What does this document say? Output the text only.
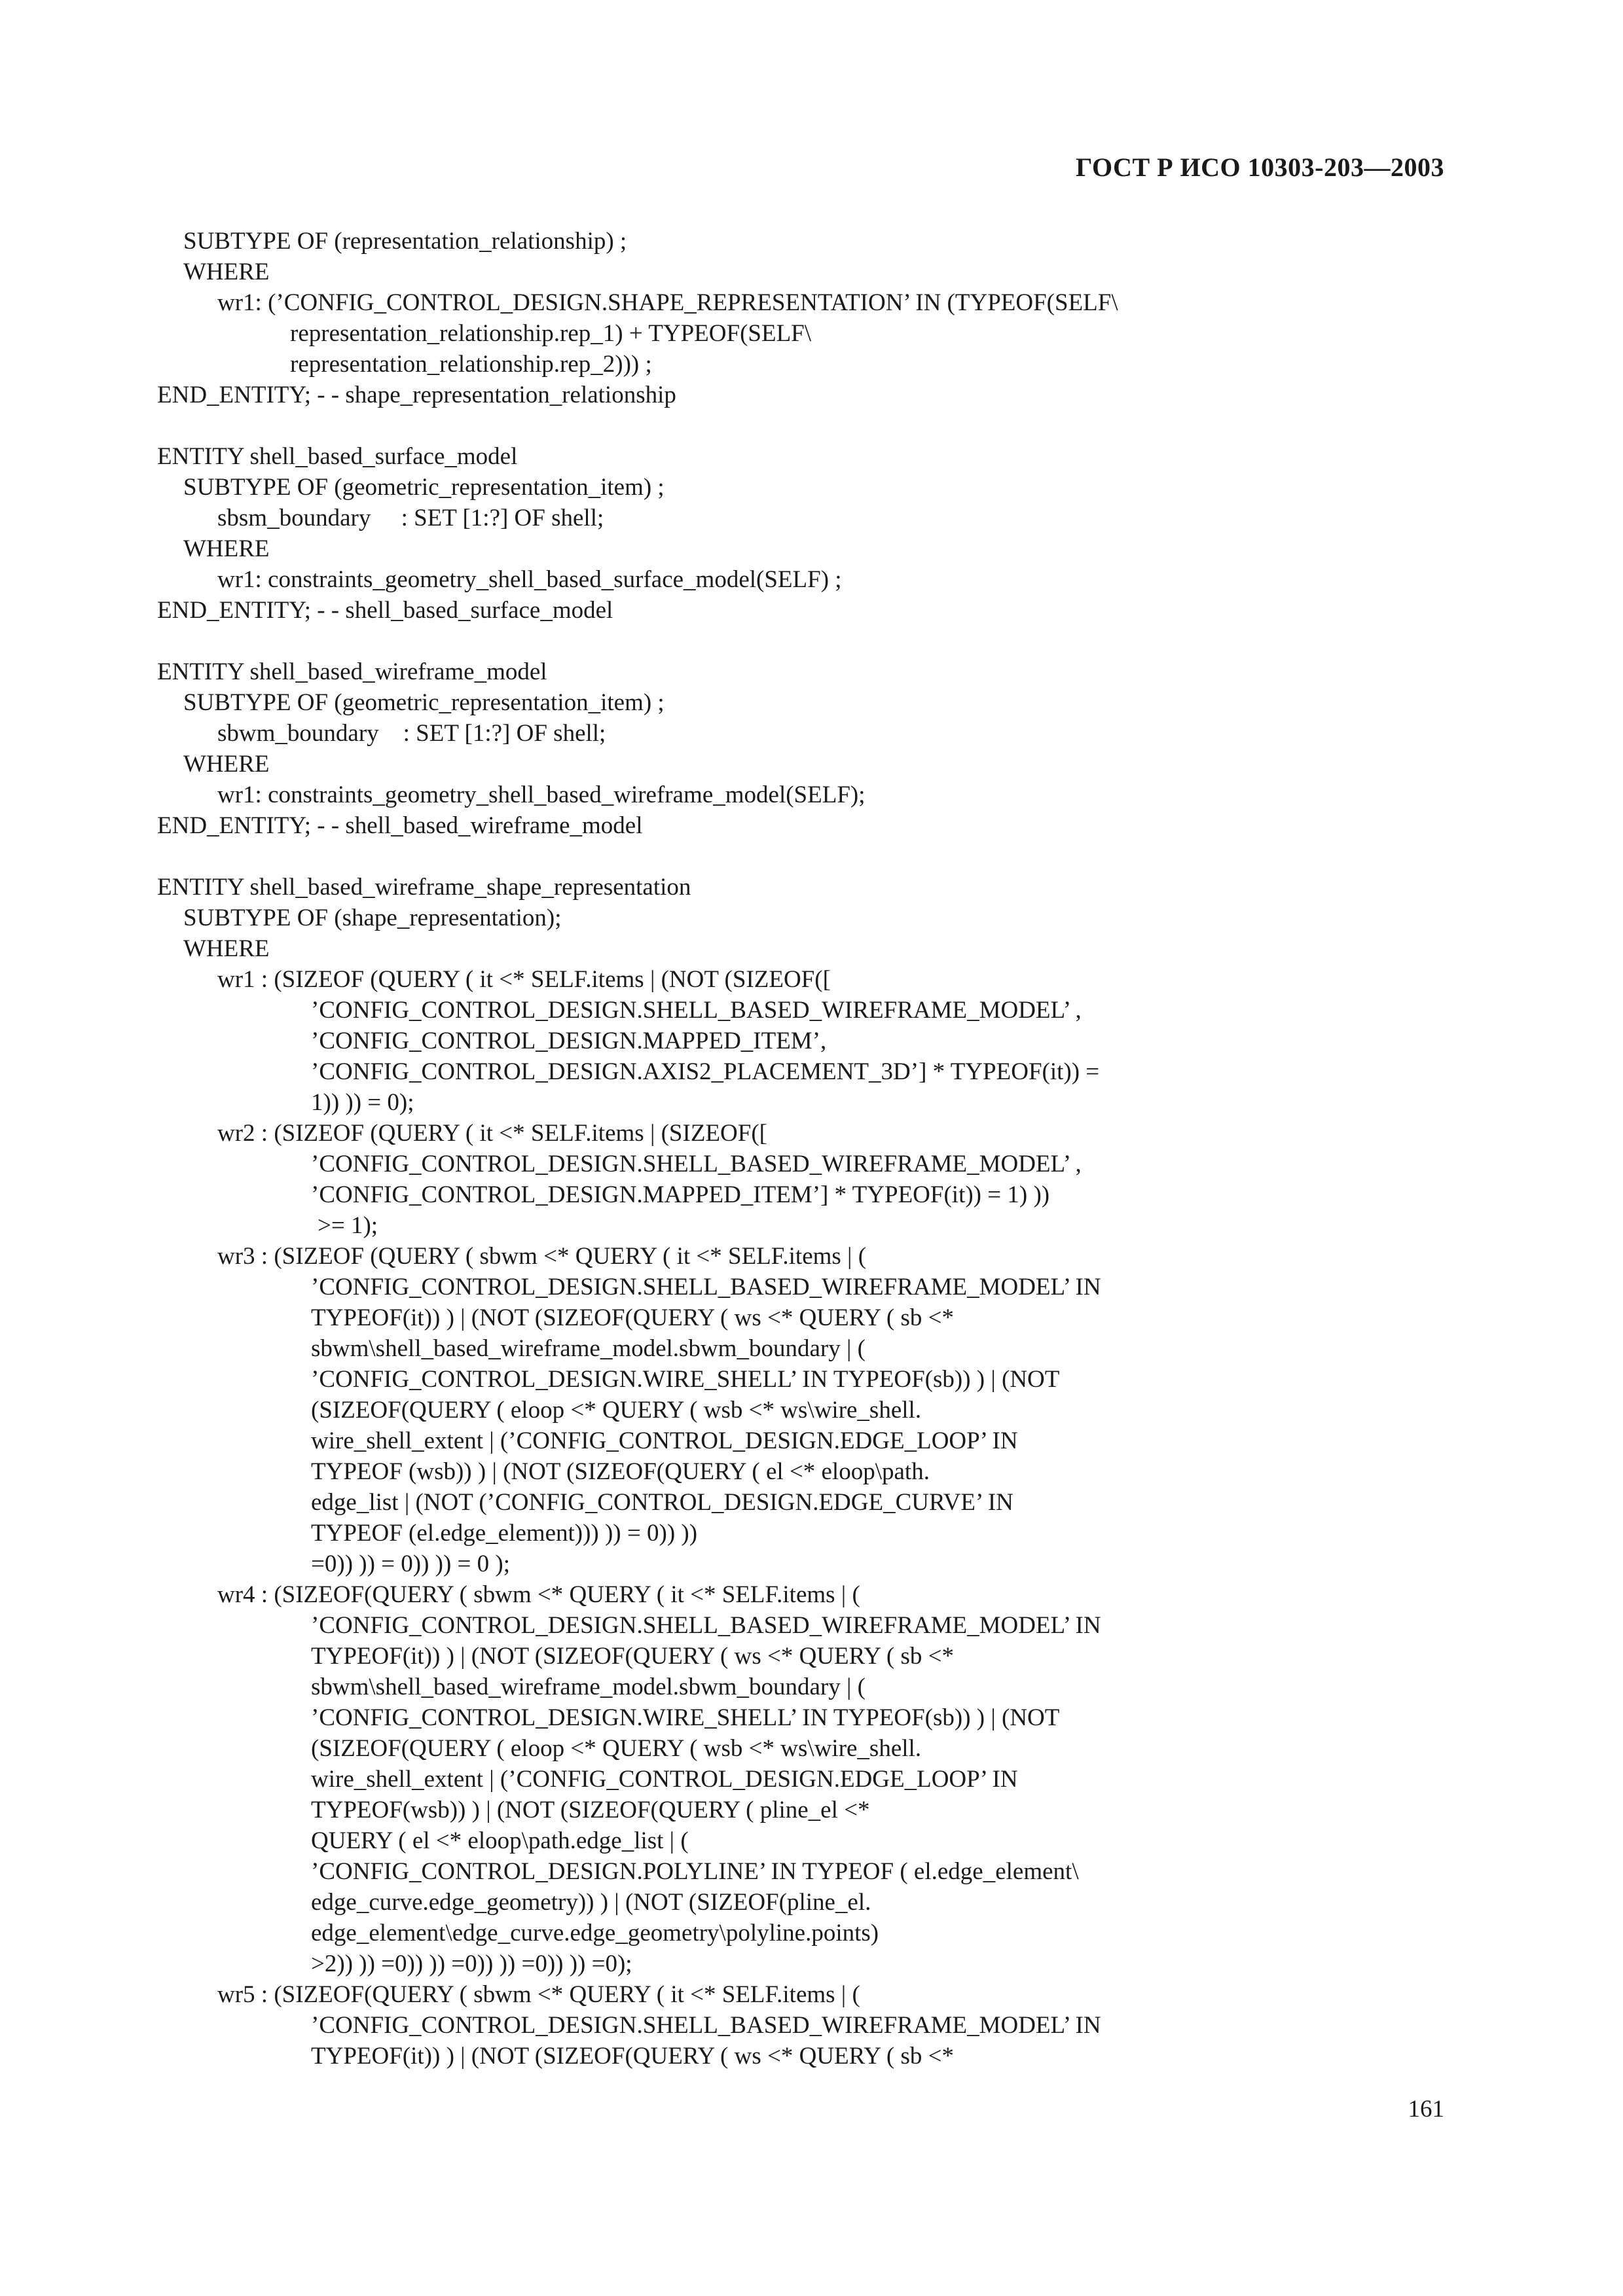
ГОСТ Р ИСО 10303-203—2003
SUBTYPE OF (representation_relationship) ;
WHERE
wr1: (’CONFIG_CONTROL_DESIGN.SHAPE_REPRESENTATION’ IN (TYPEOF(SELF\
representation_relationship.rep_1) + TYPEOF(SELF\
representation_relationship.rep_2))) ;
END_ENTITY; - - shape_representation_relationship
ENTITY shell_based_surface_model
SUBTYPE OF (geometric_representation_item) ;
sbsm_boundary     : SET [1:?] OF shell;
WHERE
wr1: constraints_geometry_shell_based_surface_model(SELF) ;
END_ENTITY; - - shell_based_surface_model
ENTITY shell_based_wireframe_model
SUBTYPE OF (geometric_representation_item) ;
sbwm_boundary    : SET [1:?] OF shell;
WHERE
wr1: constraints_geometry_shell_based_wireframe_model(SELF);
END_ENTITY; - - shell_based_wireframe_model
ENTITY shell_based_wireframe_shape_representation
SUBTYPE OF (shape_representation);
WHERE
wr1 : (SIZEOF (QUERY ( it <* SELF.items | (NOT (SIZEOF([
’CONFIG_CONTROL_DESIGN.SHELL_BASED_WIREFRAME_MODEL’ ,
’CONFIG_CONTROL_DESIGN.MAPPED_ITEM’,
’CONFIG_CONTROL_DESIGN.AXIS2_PLACEMENT_3D’] * TYPEOF(it)) =
1)) )) = 0);
wr2 : (SIZEOF (QUERY ( it <* SELF.items | (SIZEOF([
’CONFIG_CONTROL_DESIGN.SHELL_BASED_WIREFRAME_MODEL’ ,
’CONFIG_CONTROL_DESIGN.MAPPED_ITEM’] * TYPEOF(it)) = 1) ))
>= 1);
wr3 : (SIZEOF (QUERY ( sbwm <* QUERY ( it <* SELF.items | (
’CONFIG_CONTROL_DESIGN.SHELL_BASED_WIREFRAME_MODEL’ IN
TYPEOF(it)) ) | (NOT (SIZEOF(QUERY ( ws <* QUERY ( sb <*
sbwm\shell_based_wireframe_model.sbwm_boundary | (
’CONFIG_CONTROL_DESIGN.WIRE_SHELL’ IN TYPEOF(sb)) ) | (NOT
(SIZEOF(QUERY ( eloop <* QUERY ( wsb <* ws\wire_shell.
wire_shell_extent | (’CONFIG_CONTROL_DESIGN.EDGE_LOOP’ IN
TYPEOF (wsb)) ) | (NOT (SIZEOF(QUERY ( el <* eloop\path.
edge_list | (NOT (’CONFIG_CONTROL_DESIGN.EDGE_CURVE’ IN
TYPEOF (el.edge_element))) )) = 0)) ))
=0)) )) = 0)) )) = 0 );
wr4 : (SIZEOF(QUERY ( sbwm <* QUERY ( it <* SELF.items | (
’CONFIG_CONTROL_DESIGN.SHELL_BASED_WIREFRAME_MODEL’ IN
TYPEOF(it)) ) | (NOT (SIZEOF(QUERY ( ws <* QUERY ( sb <*
sbwm\shell_based_wireframe_model.sbwm_boundary | (
’CONFIG_CONTROL_DESIGN.WIRE_SHELL’ IN TYPEOF(sb)) ) | (NOT
(SIZEOF(QUERY ( eloop <* QUERY ( wsb <* ws\wire_shell.
wire_shell_extent | (’CONFIG_CONTROL_DESIGN.EDGE_LOOP’ IN
TYPEOF(wsb)) ) | (NOT (SIZEOF(QUERY ( pline_el <*
QUERY ( el <* eloop\path.edge_list | (
’CONFIG_CONTROL_DESIGN.POLYLINE’ IN TYPEOF ( el.edge_element\
edge_curve.edge_geometry)) ) | (NOT (SIZEOF(pline_el.
edge_element\edge_curve.edge_geometry\polyline.points)
>2)) )) =0)) )) =0)) )) =0)) )) =0);
wr5 : (SIZEOF(QUERY ( sbwm <* QUERY ( it <* SELF.items | (
’CONFIG_CONTROL_DESIGN.SHELL_BASED_WIREFRAME_MODEL’ IN
TYPEOF(it)) ) | (NOT (SIZEOF(QUERY ( ws <* QUERY ( sb <*
161
